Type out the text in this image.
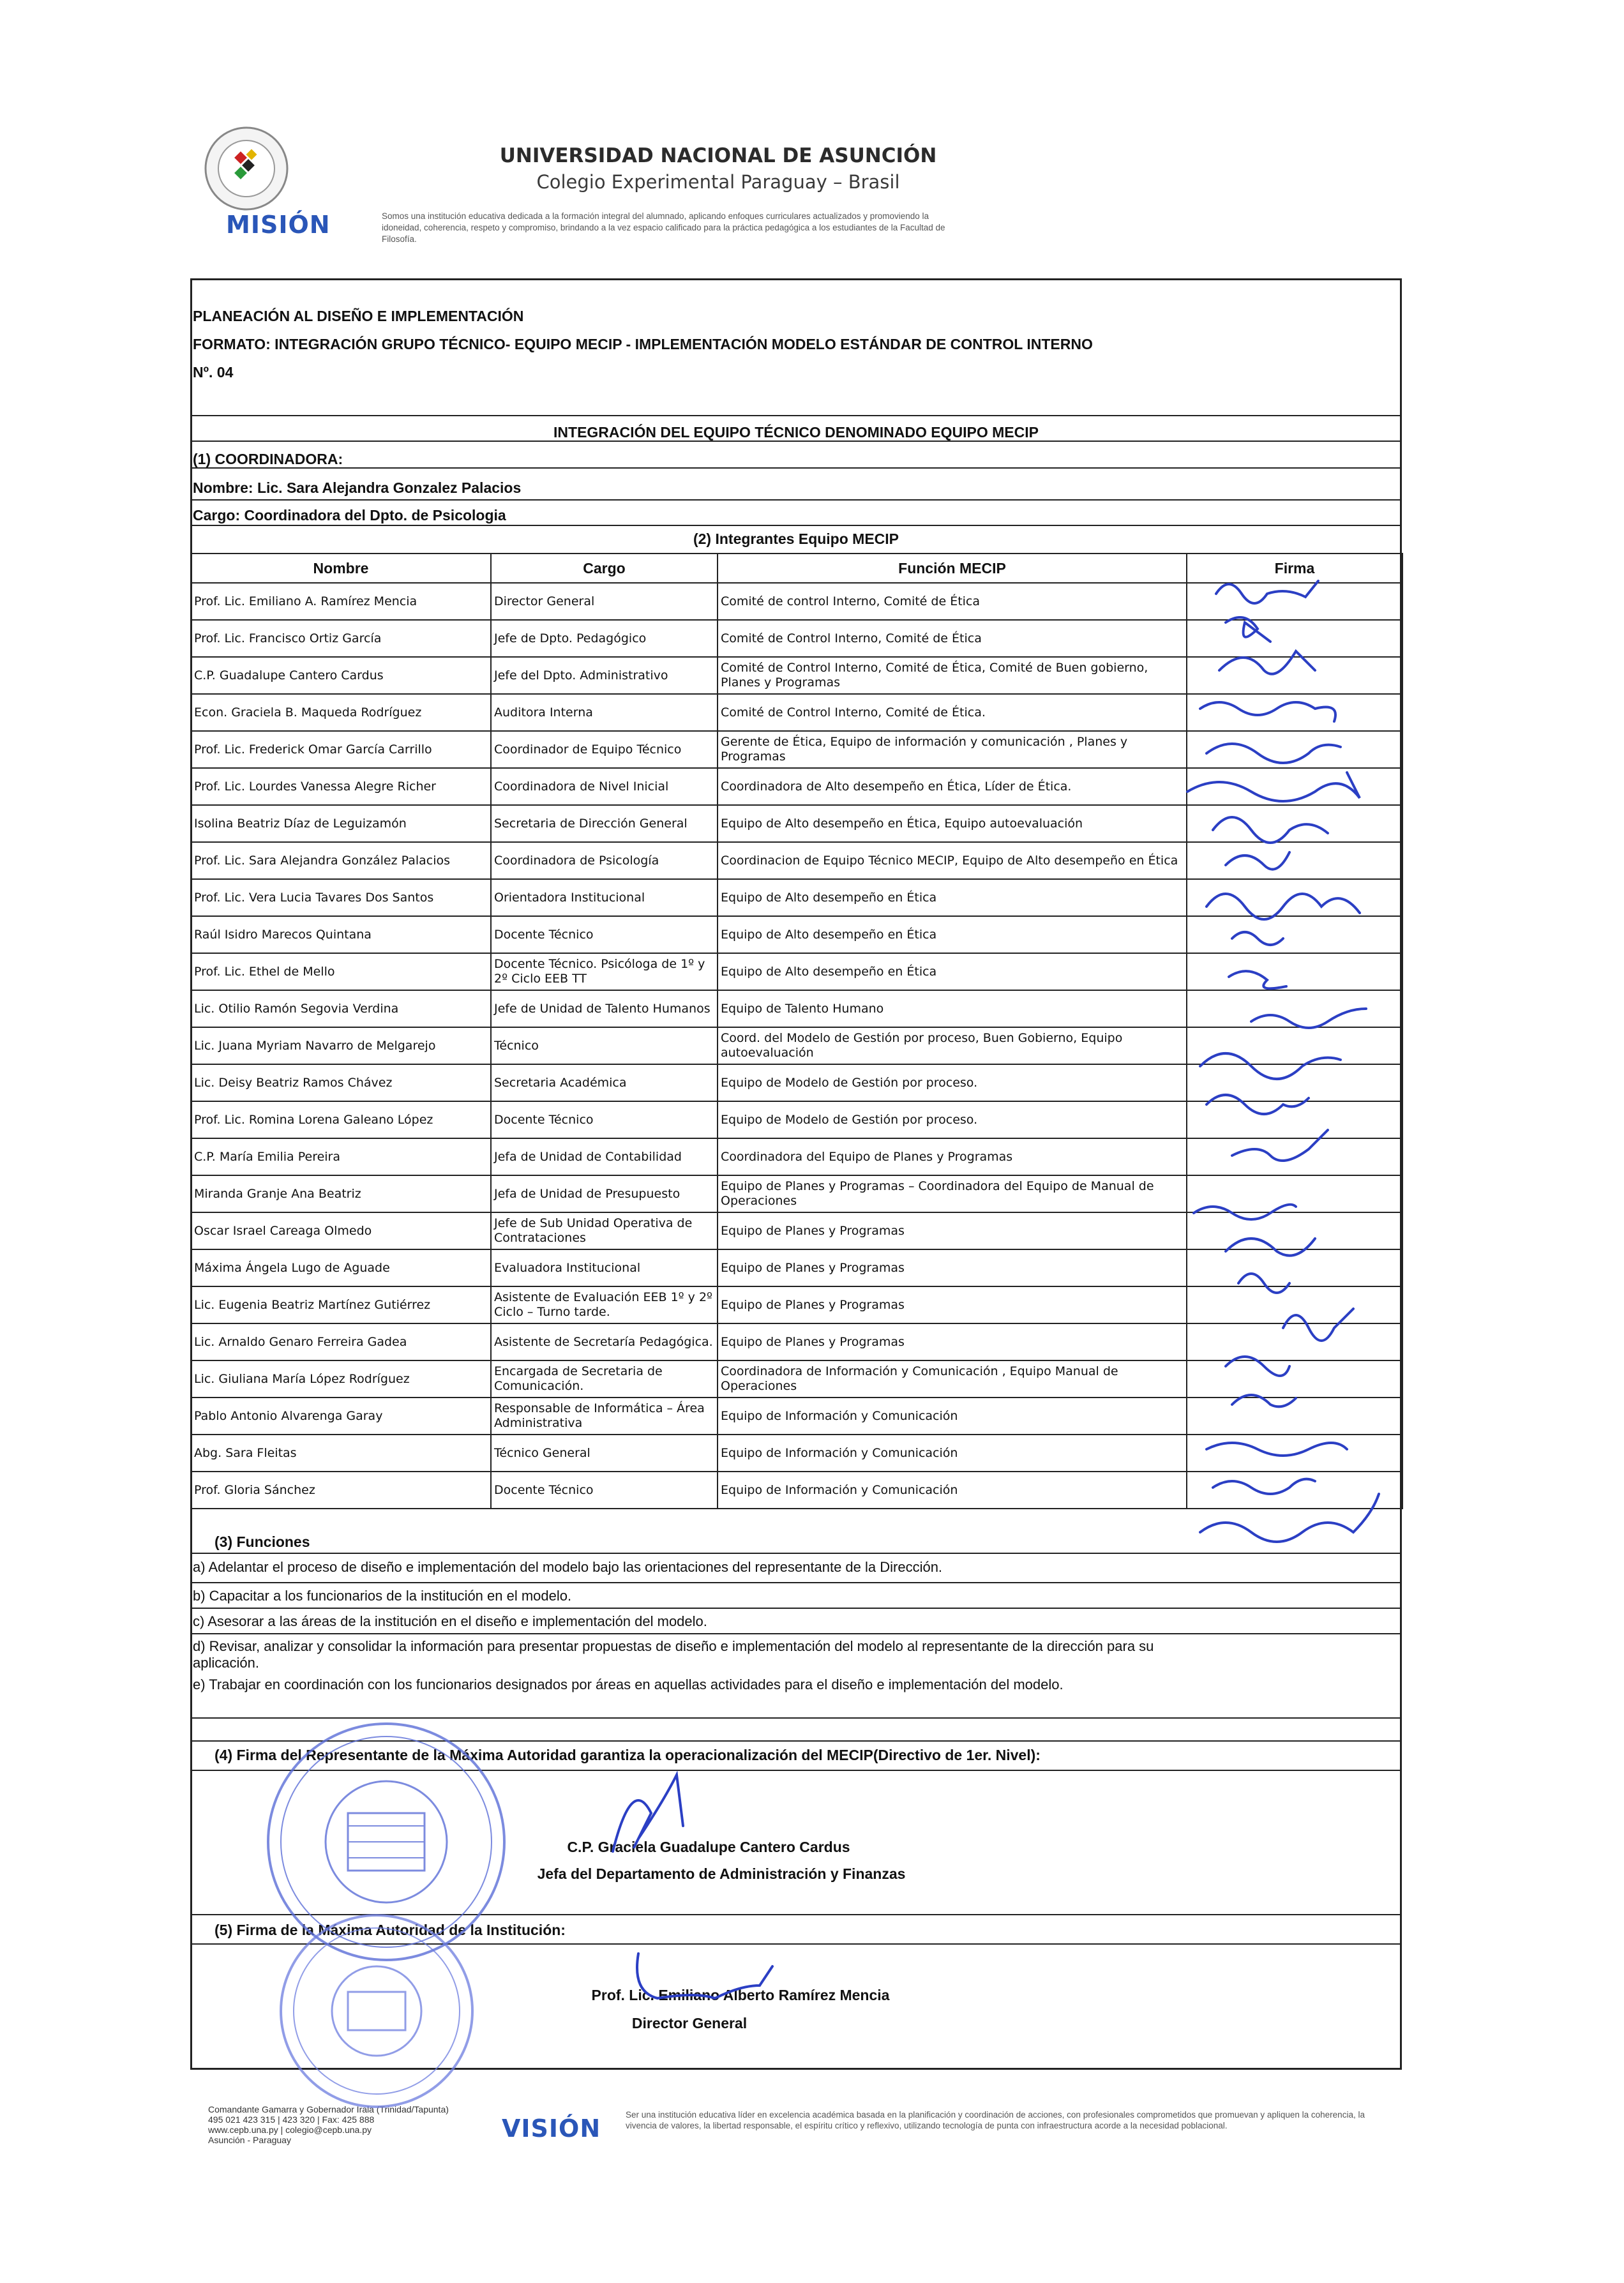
MISIÓN
UNIVERSIDAD NACIONAL DE ASUNCIÓN
Colegio Experimental Paraguay – Brasil
Somos una institución educativa dedicada a la formación integral del alumnado, aplicando enfoques curriculares actualizados y promoviendo la idoneidad, coherencia, respeto y compromiso, brindando a la vez espacio calificado para la práctica pedagógica a los estudiantes de la Facultad de Filosofía.
PLANEACIÓN AL DISEÑO E IMPLEMENTACIÓN
FORMATO: INTEGRACIÓN GRUPO TÉCNICO- EQUIPO MECIP - IMPLEMENTACIÓN MODELO ESTÁNDAR DE CONTROL INTERNO
Nº. 04
INTEGRACIÓN DEL EQUIPO TÉCNICO DENOMINADO EQUIPO MECIP
(1) COORDINADORA:
Nombre: Lic. Sara Alejandra Gonzalez Palacios
Cargo: Coordinadora del Dpto. de Psicologia
(2) Integrantes Equipo MECIP
Nombre	Cargo	Función MECIP	Firma
Prof. Lic. Emiliano A. Ramírez Mencia	Director General	Comité de control Interno, Comité de Ética	
Prof. Lic. Francisco Ortiz García	Jefe de Dpto. Pedagógico	Comité de Control Interno, Comité de Ética	
C.P. Guadalupe Cantero Cardus	Jefe del Dpto. Administrativo	Comité de Control Interno, Comité de Ética, Comité de Buen gobierno, Planes y Programas	
Econ. Graciela B. Maqueda Rodríguez	Auditora Interna	Comité de Control Interno, Comité de Ética.	
Prof. Lic. Frederick Omar García Carrillo	Coordinador de Equipo Técnico	Gerente de Ética, Equipo de información y comunicación , Planes y Programas	
Prof. Lic. Lourdes Vanessa Alegre Richer	Coordinadora de Nivel Inicial	Coordinadora de Alto desempeño en Ética, Líder de Ética.	
Isolina Beatriz Díaz de Leguizamón	Secretaria de Dirección General	Equipo de Alto desempeño en Ética, Equipo autoevaluación	
Prof. Lic. Sara Alejandra González Palacios	Coordinadora de Psicología	Coordinacion de Equipo Técnico MECIP, Equipo de Alto desempeño en Ética	
Prof. Lic. Vera Lucia Tavares Dos Santos	Orientadora Institucional	Equipo de Alto desempeño en Ética	
Raúl Isidro Marecos Quintana	Docente Técnico	Equipo de Alto desempeño en Ética	
Prof. Lic. Ethel de Mello	Docente Técnico. Psicóloga de 1º y 2º Ciclo EEB TT	Equipo de Alto desempeño en Ética	
Lic. Otilio Ramón Segovia Verdina	Jefe de Unidad de Talento Humanos	Equipo de Talento Humano	
Lic. Juana Myriam Navarro de Melgarejo	Técnico	Coord. del Modelo de Gestión por proceso, Buen Gobierno, Equipo autoevaluación	
Lic. Deisy Beatriz Ramos Chávez	Secretaria Académica	Equipo de Modelo de Gestión por proceso.	
Prof. Lic. Romina Lorena Galeano López	Docente Técnico	Equipo de Modelo de Gestión por proceso.	
C.P. María Emilia Pereira	Jefa de Unidad de Contabilidad	Coordinadora del Equipo de Planes y Programas	
Miranda Granje Ana Beatriz	Jefa de Unidad de Presupuesto	Equipo de Planes y Programas – Coordinadora del Equipo de Manual de Operaciones	
Oscar Israel Careaga Olmedo	Jefe de Sub Unidad Operativa de Contrataciones	Equipo de Planes y Programas	
Máxima Ángela Lugo de Aguade	Evaluadora Institucional	Equipo de Planes y Programas	
Lic. Eugenia Beatriz Martínez Gutiérrez	Asistente de Evaluación EEB 1º y 2º Ciclo – Turno tarde.	Equipo de Planes y Programas	
Lic. Arnaldo Genaro Ferreira Gadea	Asistente de Secretaría Pedagógica.	Equipo de Planes y Programas	
Lic. Giuliana María López Rodríguez	Encargada de Secretaria de Comunicación.	Coordinadora de Información y Comunicación , Equipo Manual de Operaciones	
Pablo Antonio Alvarenga Garay	Responsable de Informática – Área Administrativa	Equipo de Información y Comunicación	
Abg. Sara Fleitas	Técnico General	Equipo de Información y Comunicación	
Prof. Gloria Sánchez	Docente Técnico	Equipo de Información y Comunicación	
(3) Funciones
a) Adelantar el proceso de diseño e implementación del modelo bajo las orientaciones del representante de la Dirección.
b) Capacitar a los funcionarios de la institución en el modelo.
c) Asesorar a las áreas de la institución en el diseño e implementación del modelo.
d) Revisar, analizar y consolidar la información para presentar propuestas de diseño e implementación del modelo al representante de la dirección para su aplicación.
e) Trabajar en coordinación con los funcionarios designados por áreas en aquellas actividades para el diseño e implementación del modelo.
(4) Firma del Representante de la Máxima Autoridad garantiza la operacionalización del MECIP(Directivo de 1er. Nivel):
C.P. Graciela Guadalupe Cantero Cardus
Jefa del Departamento de Administración y Finanzas
(5) Firma de la Máxima Autoridad de la Institución:
Prof. Lic. Emiliano Alberto Ramírez Mencia
Director General
Comandante Gamarra y Gobernador Irala (Trinidad/Tapunta)
495 021 423 315 | 423 320 | Fax: 425 888
www.cepb.una.py | colegio@cepb.una.py
Asunción - Paraguay	VISIÓN	Ser una institución educativa líder en excelencia académica basada en la planificación y coordinación de acciones, con profesionales comprometidos que promuevan y apliquen la coherencia, la vivencia de valores, la libertad responsable, el espíritu crítico y reflexivo, utilizando tecnología de punta con infraestructura acorde a la necesidad poblacional.
